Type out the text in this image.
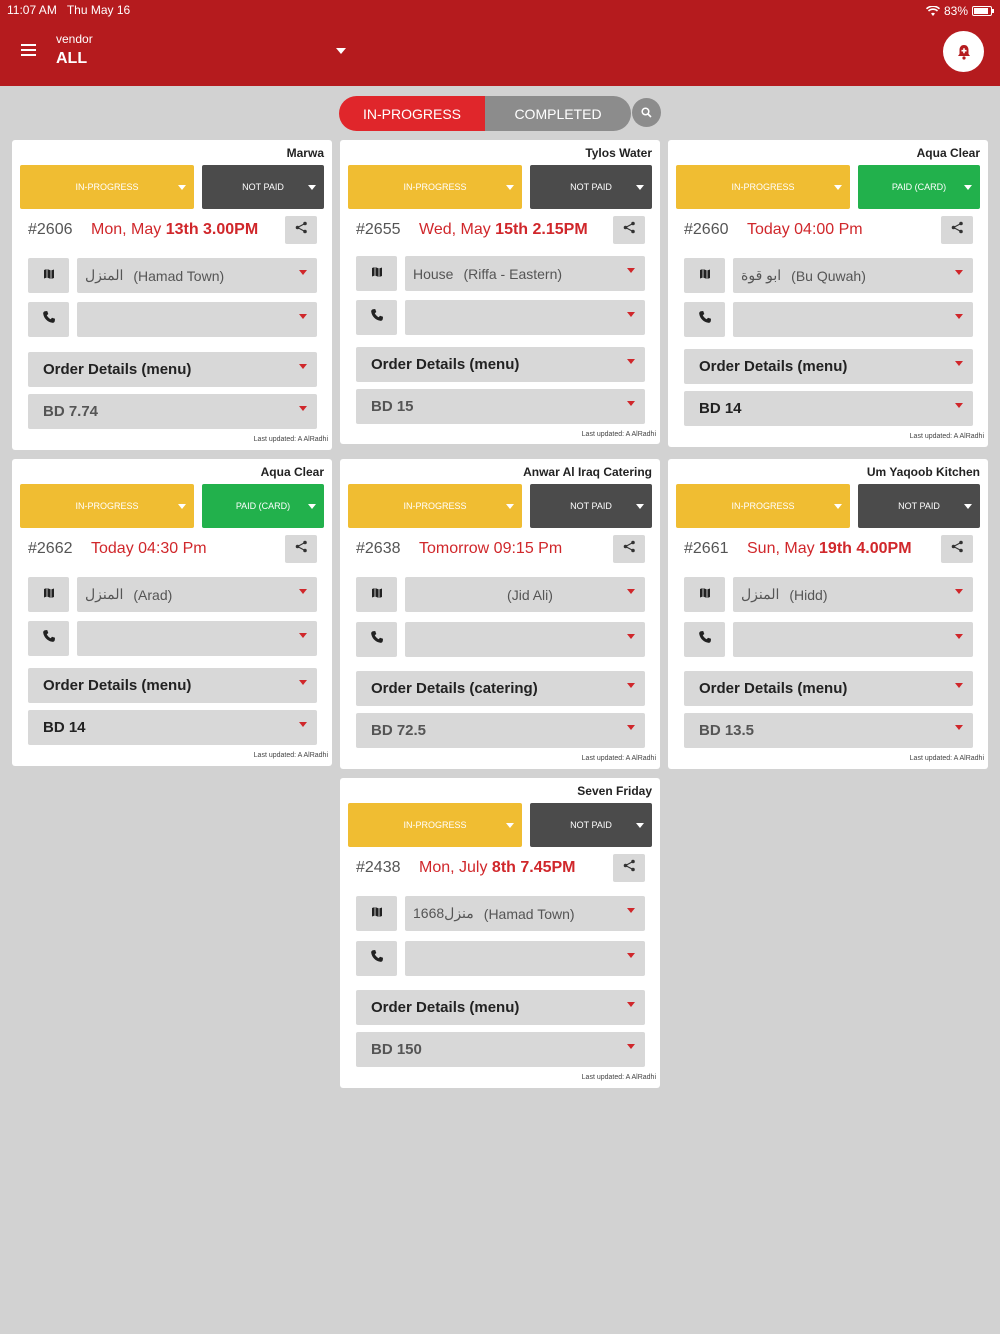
11:07 AM Thu May 16	83%
vendor
ALL
IN-PROGRESS	COMPLETED
Marwa
IN-PROGRESS	NOT PAID
#2606 Mon, May 13th 3.00PM
المنزل (Hamad Town)
Order Details (menu)
BD 7.74
Last updated: A AlRadhi
Tylos Water
IN-PROGRESS	NOT PAID
#2655 Wed, May 15th 2.15PM
House (Riffa - Eastern)
Order Details (menu)
BD 15
Last updated: A AlRadhi
Aqua Clear
IN-PROGRESS	PAID (CARD)
#2660 Today 04:00 Pm
ابو قوة (Bu Quwah)
Order Details (menu)
BD 14
Last updated: A AlRadhi
Aqua Clear
IN-PROGRESS	PAID (CARD)
#2662 Today 04:30 Pm
المنزل (Arad)
Order Details (menu)
BD 14
Last updated: A AlRadhi
Anwar Al Iraq Catering
IN-PROGRESS	NOT PAID
#2638 Tomorrow 09:15 Pm
(Jid Ali)
Order Details (catering)
BD 72.5
Last updated: A AlRadhi
Um Yaqoob Kitchen
IN-PROGRESS	NOT PAID
#2661 Sun, May 19th 4.00PM
المنزل (Hidd)
Order Details (menu)
BD 13.5
Last updated: A AlRadhi
Seven Friday
IN-PROGRESS	NOT PAID
#2438 Mon, July 8th 7.45PM
1668منزل (Hamad Town)
Order Details (menu)
BD 150
Last updated: A AlRadhi
